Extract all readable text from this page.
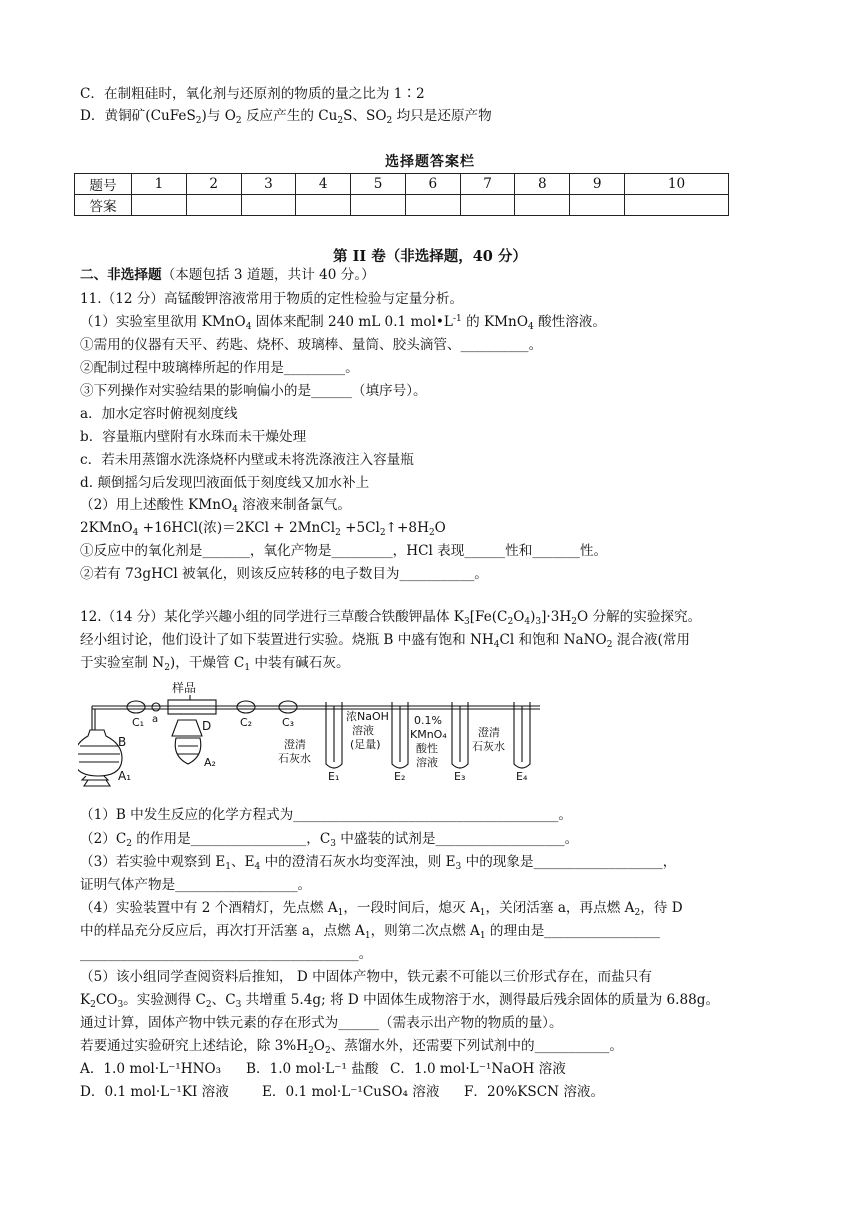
C．在制粗硅时，氧化剂与还原剂的物质的量之比为 1∶2
D．黄铜矿(CuFeS$_2$)与 $O_2$ 反应产生的 $Cu_2S$、$SO_2$ 均只是还原产物
选择题答案栏
题号	1	2	3	4	5	6	7	8	9	10
答案										
第 II 卷（非选择题，40 分）
二、非选择题（本题包括 3 道题，共计 40 分。）
11.（12 分）高锰酸钾溶液常用于物质的定性检验与定量分析。
（1）实验室里欲用 KMnO$_4$ 固体来配制 240 mL 0.1 $mol•L^{-1}$ 的 KMnO$_4$ 酸性溶液。
①需用的仪器有天平、药匙、烧杯、玻璃棒、量筒、胶头滴管、__________。
②配制过程中玻璃棒所起的作用是_________。
③下列操作对实验结果的影响偏小的是______（填序号）。
a．加水定容时俯视刻度线
b．容量瓶内壁附有水珠而未干燥处理
c．若未用蒸馏水洗涤烧杯内壁或未将洗涤液注入容量瓶
d. 颠倒摇匀后发现凹液面低于刻度线又加水补上
（2）用上述酸性 KMnO$_4$ 溶液来制备氯气。
2KMnO$_4$ +16HCl(浓)＝2KCl + 2MnCl$_2$ $+5Cl_2↑+8H_2O$
①反应中的氧化剂是_______，氧化产物是_________，HCl 表现______性和_______性。
②若有 73gHCl 被氧化，则该反应转移的电子数目为___________。
12.（14 分）某化学兴趣小组的同学进行三草酸合铁酸钾晶体 $K_3[Fe(C_2O_4)_3]\cdot 3H_2O$ 分解的实验探究。
经小组讨论，他们设计了如下装置进行实验。烧瓶 B 中盛有饱和 $NH_4Cl$ 和饱和 NaNO$_2$ 混合液(常用
于实验室制 $N_2$)，干燥管 $C_1$ 中装有碱石灰。
B
A₁
C₁ a
样品
D
A₂
C₂	C₃
澄清
石灰水
E₁
浓NaOH
溶液
(足量)
E₂
0.1%
KMnO₄
酸性
溶液
E₃
澄清
石灰水
E₄
（1）B 中发生反应的化学方程式为_______________________________________。
$(2)C_2$ 的作用是_________________，$C_3$ 中盛装的试剂是___________________。
（3）若实验中观察到 $E_1$、$E_4$ 中的澄清石灰水均变浑浊，则 $E_3$ 中的现象是___________________，
证明气体产物是__________________。
（4）实验装置中有 2 个酒精灯，先点燃 $A_1$，一段时间后，熄灭 $A_1$，关闭活塞 a，再点燃 $A_2$，待 D
中的样品充分反应后，再次打开活塞 a，点燃 $A_1$，则第二次点燃 $A_1$ 的理由是_________________
_________________________________________。
（5）该小组同学查阅资料后推知， D 中固体产物中，铁元素不可能以三价形式存在，而盐只有
$K_2CO_3$。实验测得 $C_2$、$C_3$ 共增重 5.4g; 将 D 中固体生成物溶于水，测得最后残余固体的质量为 6.88g。
通过计算，固体产物中铁元素的存在形式为______（需表示出产物的物质的量）。
若要通过实验研究上述结论，除 $3\%H_2O_2$、蒸馏水外，还需要下列试剂中的___________。
A．1.0 mol·L⁻¹HNO₃ B．1.0 mol·L⁻¹ 盐酸 C．1.0 mol·L⁻¹NaOH 溶液
D．0.1 mol·L⁻¹KI 溶液 E．0.1 mol·L⁻¹CuSO₄ 溶液 F．20%KSCN 溶液。
